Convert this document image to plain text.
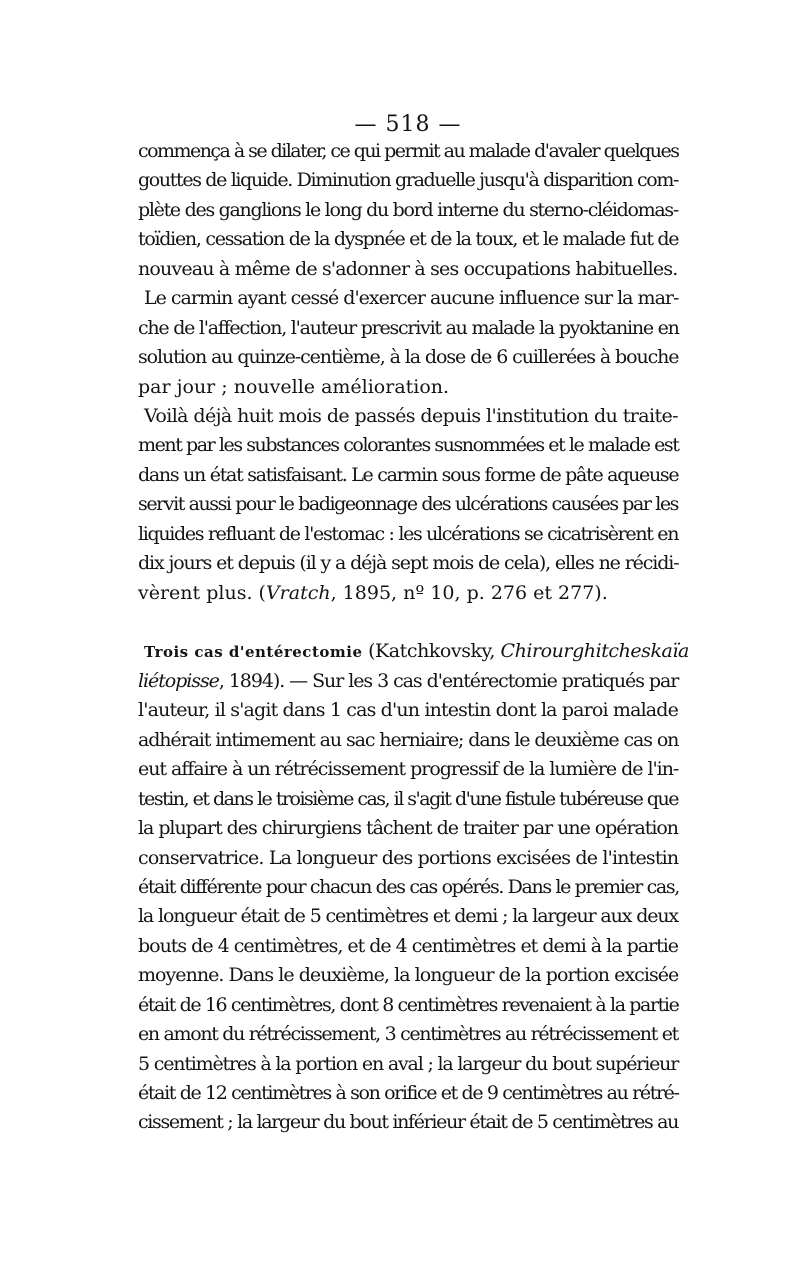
— 518 —
commença à se dilater, ce qui permit au malade d'avaler quelques
gouttes de liquide. Diminution graduelle jusqu'à disparition com-
plète des ganglions le long du bord interne du sterno-cléidomas-
toïdien, cessation de la dyspnée et de la toux, et le malade fut de
nouveau à même de s'adonner à ses occupations habituelles.
Le carmin ayant cessé d'exercer aucune influence sur la mar-
che de l'affection, l'auteur prescrivit au malade la pyoktanine en
solution au quinze-centième, à la dose de 6 cuillerées à bouche
par jour ; nouvelle amélioration.
Voilà déjà huit mois de passés depuis l'institution du traite-
ment par les substances colorantes susnommées et le malade est
dans un état satisfaisant. Le carmin sous forme de pâte aqueuse
servit aussi pour le badigeonnage des ulcérations causées par les
liquides refluant de l'estomac : les ulcérations se cicatrisèrent en
dix jours et depuis (il y a déjà sept mois de cela), elles ne récidi-
vèrent plus. (Vratch, 1895, nº 10, p. 276 et 277).
Trois cas d'entérectomie (Katchkovsky, Chirourghitcheskaïa
liétopisse, 1894). — Sur les 3 cas d'entérectomie pratiqués par
l'auteur, il s'agit dans 1 cas d'un intestin dont la paroi malade
adhérait intimement au sac herniaire; dans le deuxième cas on
eut affaire à un rétrécissement progressif de la lumière de l'in-
testin, et dans le troisième cas, il s'agit d'une fistule tubéreuse que
la plupart des chirurgiens tâchent de traiter par une opération
conservatrice. La longueur des portions excisées de l'intestin
était différente pour chacun des cas opérés. Dans le premier cas,
la longueur était de 5 centimètres et demi ; la largeur aux deux
bouts de 4 centimètres, et de 4 centimètres et demi à la partie
moyenne. Dans le deuxième, la longueur de la portion excisée
était de 16 centimètres, dont 8 centimètres revenaient à la partie
en amont du rétrécissement, 3 centimètres au rétrécissement et
5 centimètres à la portion en aval ; la largeur du bout supérieur
était de 12 centimètres à son orifice et de 9 centimètres au rétré-
cissement ; la largeur du bout inférieur était de 5 centimètres au
